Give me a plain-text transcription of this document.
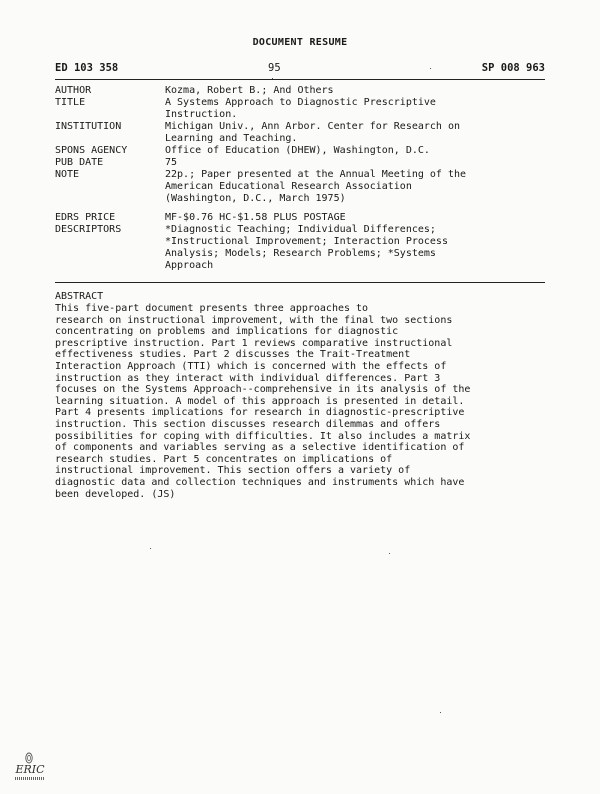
DOCUMENT RESUME
ED 103 358	95	SP 008 963
AUTHOR	Kozma, Robert B.; And Others
TITLE	A Systems Approach to Diagnostic Prescriptive
Instruction.
INSTITUTION	Michigan Univ., Ann Arbor. Center for Research on
Learning and Teaching.
SPONS AGENCY	Office of Education (DHEW), Washington, D.C.
PUB DATE	75
NOTE	22p.; Paper presented at the Annual Meeting of the
American Educational Research Association
(Washington, D.C., March 1975)
EDRS PRICE	MF-$0.76 HC-$1.58 PLUS POSTAGE
DESCRIPTORS	*Diagnostic Teaching; Individual Differences;
*Instructional Improvement; Interaction Process
Analysis; Models; Research Problems; *Systems
Approach
ABSTRACT
This five-part document presents three approaches to
research on instructional improvement, with the final two sections
concentrating on problems and implications for diagnostic
prescriptive instruction. Part 1 reviews comparative instructional
effectiveness studies. Part 2 discusses the Trait-Treatment
Interaction Approach (TTI) which is concerned with the effects of
instruction as they interact with individual differences. Part 3
focuses on the Systems Approach--comprehensive in its analysis of the
learning situation. A model of this approach is presented in detail.
Part 4 presents implications for research in diagnostic-prescriptive
instruction. This section discusses research dilemmas and offers
possibilities for coping with difficulties. It also includes a matrix
of components and variables serving as a selective identification of
research studies. Part 5 concentrates on implications of
instructional improvement. This section offers a variety of
diagnostic data and collection techniques and instruments which have
been developed. (JS)
ERIC
